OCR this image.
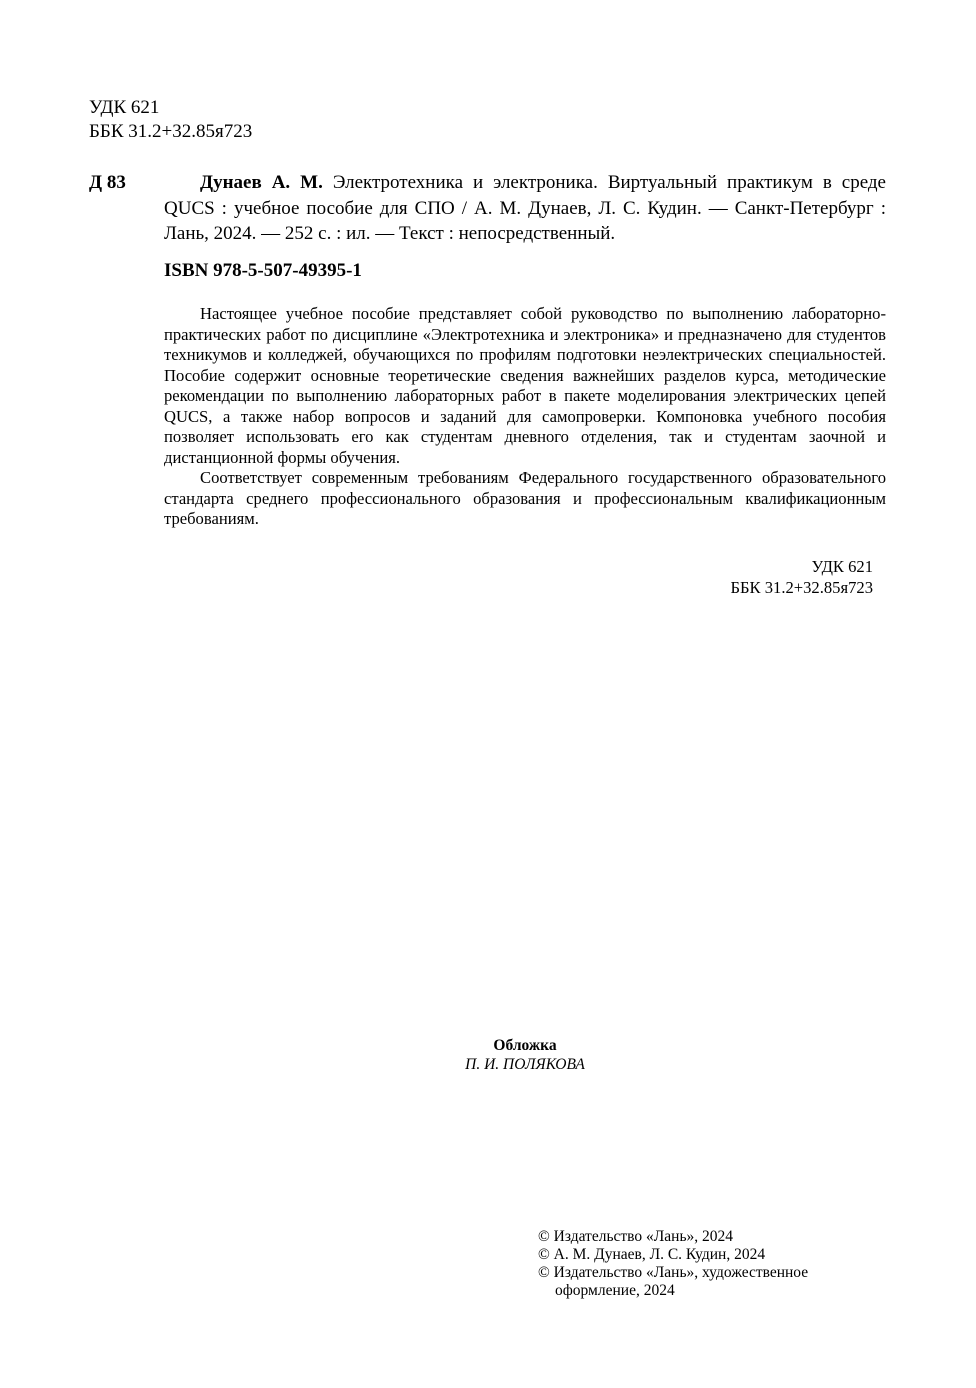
УДК 621
ББК 31.2+32.85я723
Д 83	Дунаев А. М. Электротехника и электроника. Виртуальный практикум в среде QUCS : учебное пособие для СПО / А. М. Дунаев, Л. С. Кудин. — Санкт-Петербург : Лань, 2024. — 252 с. : ил. — Текст : непосредственный.
ISBN 978-5-507-49395-1

Настоящее учебное пособие представляет собой руководство по выполнению лабораторно-практических работ по дисциплине «Электротехника и электроника» и предназначено для студентов техникумов и колледжей, обучающихся по профилям подготовки неэлектрических специальностей. Пособие содержит основные теоретические сведения важнейших разделов курса, методические рекомендации по выполнению лабораторных работ в пакете моделирования электрических цепей QUCS, а также набор вопросов и заданий для самопроверки. Компоновка учебного пособия позволяет использовать его как студентам дневного отделения, так и студентам заочной и дистанционной формы обучения.

Соответствует современным требованиям Федерального государственного образовательного стандарта среднего профессионального образования и профессиональным квалификационным требованиям.

УДК 621
ББК 31.2+32.85я723
Обложка
П. И. ПОЛЯКОВА
© Издательство «Лань», 2024
© А. М. Дунаев, Л. С. Кудин, 2024
© Издательство «Лань», художественное
оформление, 2024
